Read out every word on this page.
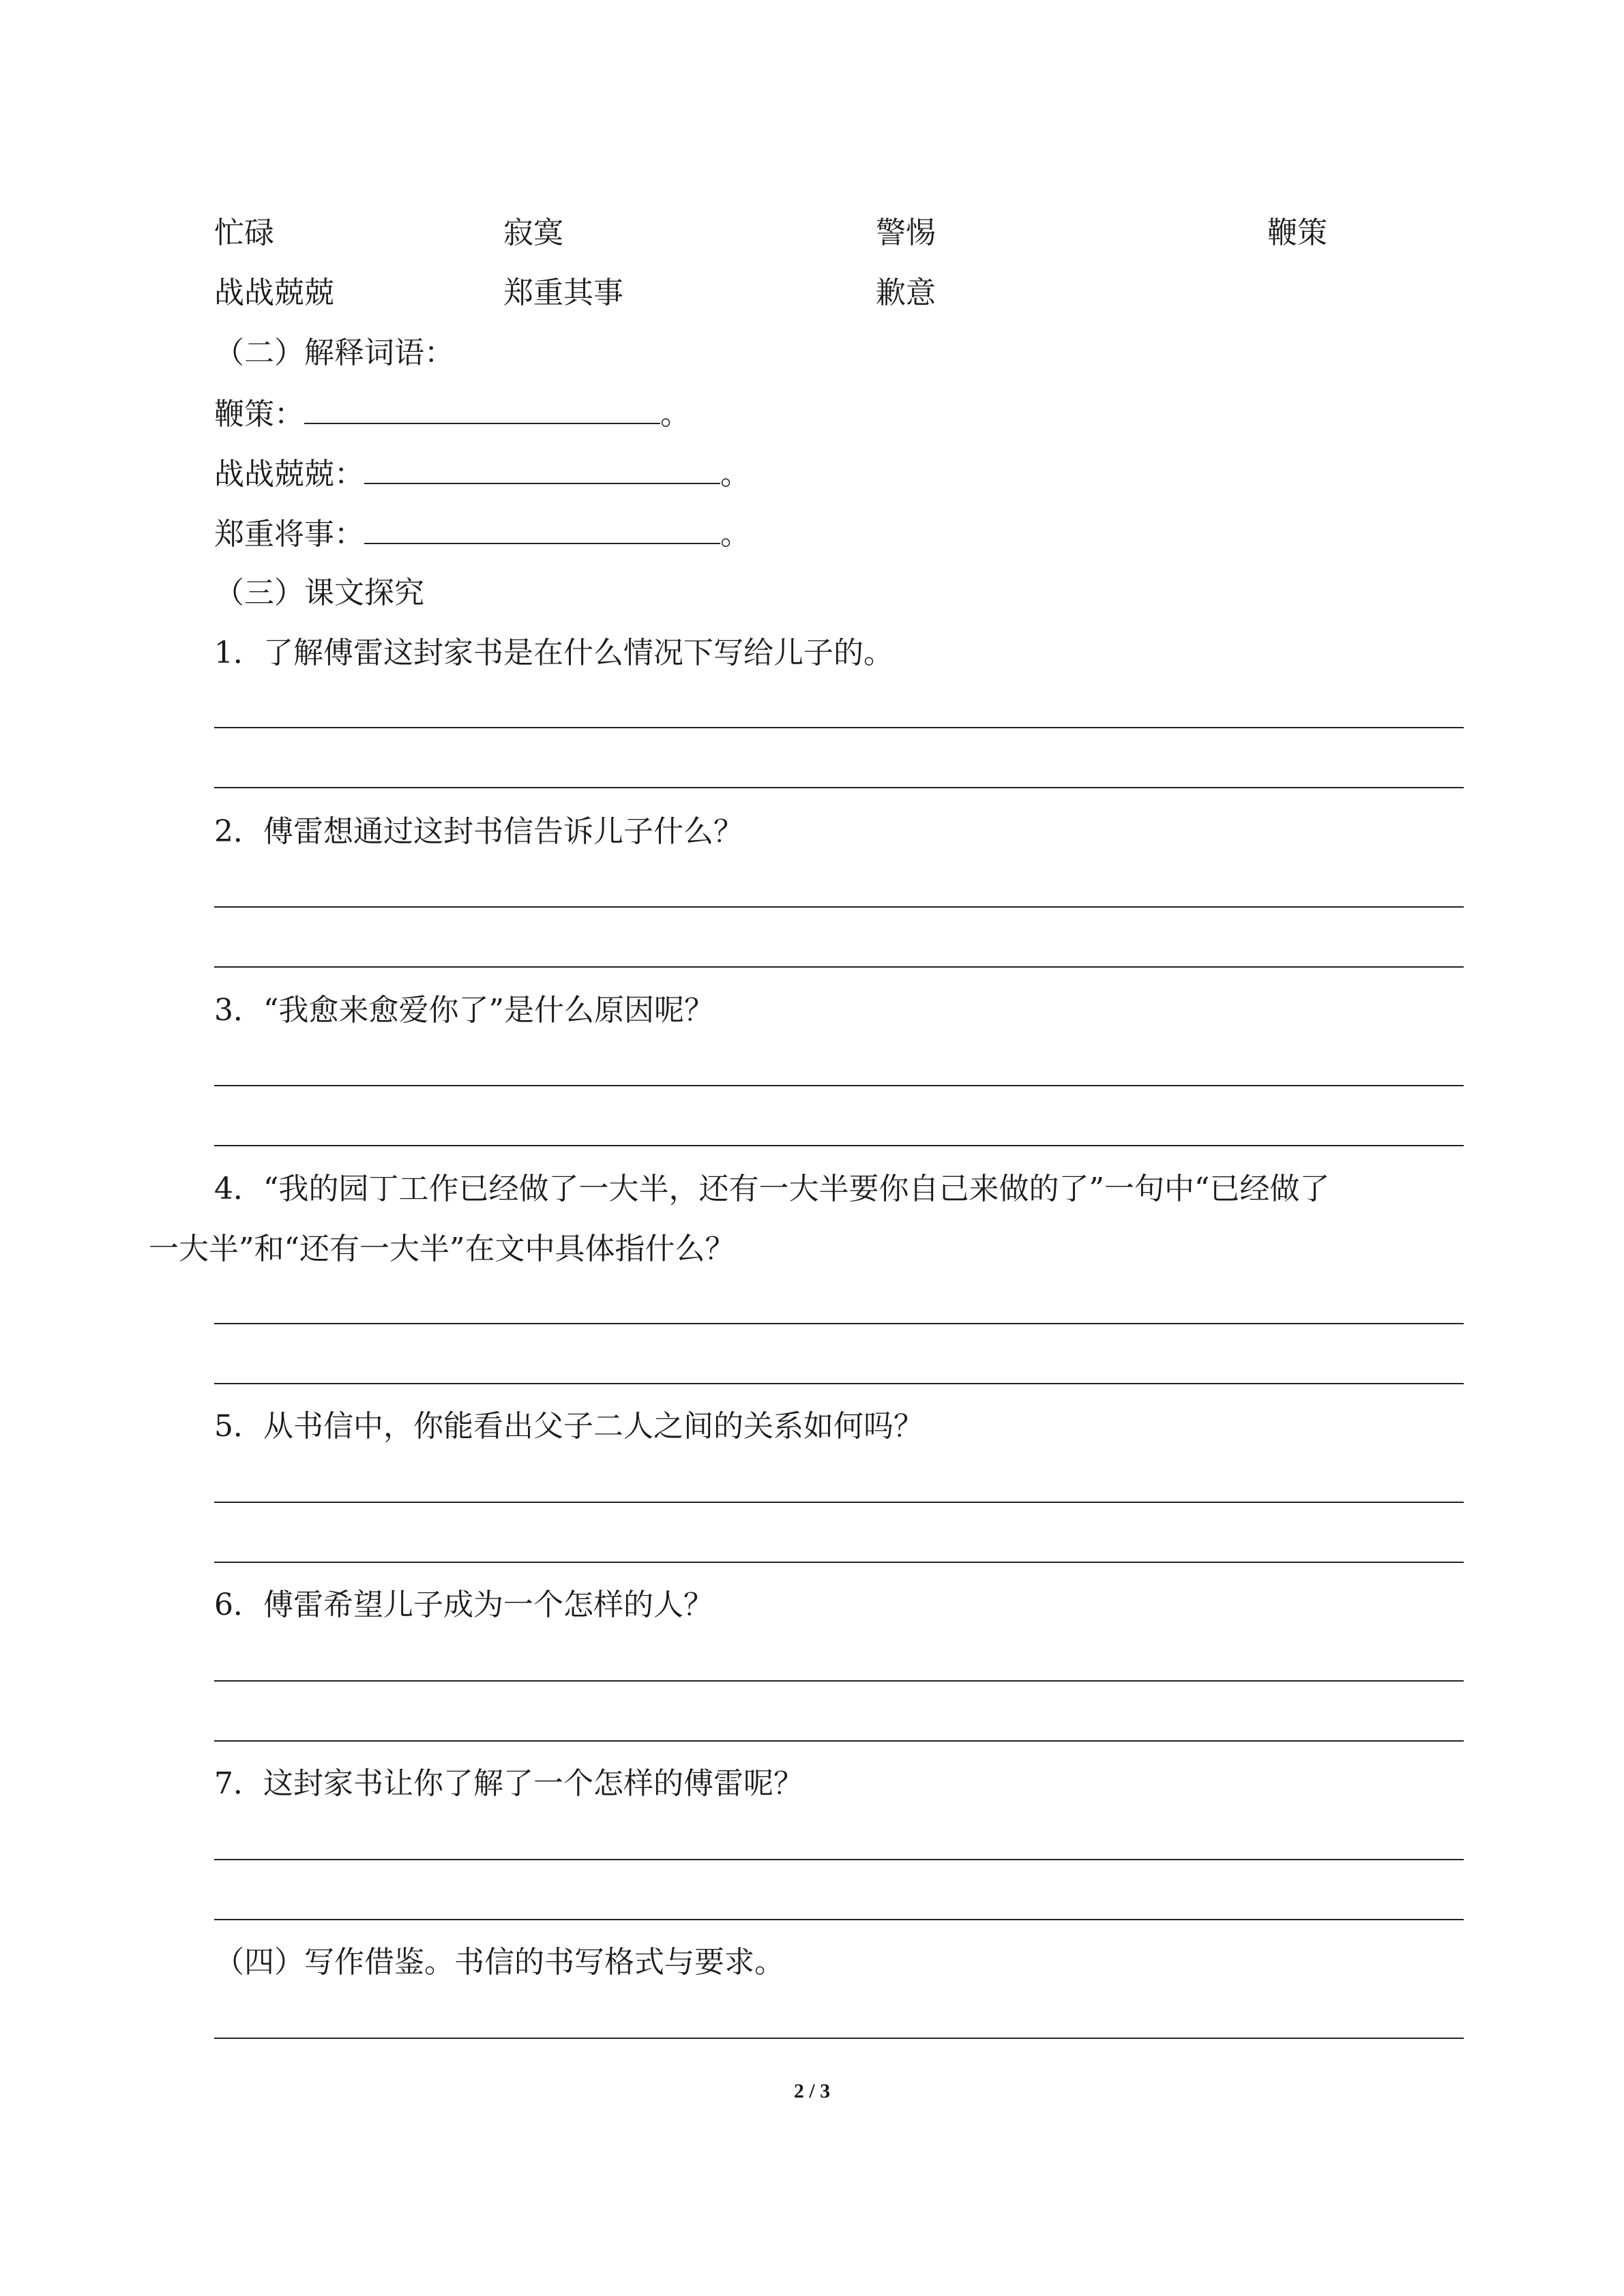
忙碌	寂寞	警惕	鞭策
战战兢兢	郑重其事	歉意
（二）解释词语：
鞭策：	。
战战兢兢：	。
郑重将事：	。
（三）课文探究
1．了解傅雷这封家书是在什么情况下写给儿子的。
2．傅雷想通过这封书信告诉儿子什么？
3．“我愈来愈爱你了”是什么原因呢？
4．“我的园丁工作已经做了一大半，还有一大半要你自己来做的了”一句中“已经做了
一大半”和“还有一大半”在文中具体指什么？
5．从书信中，你能看出父子二人之间的关系如何吗？
6．傅雷希望儿子成为一个怎样的人？
7．这封家书让你了解了一个怎样的傅雷呢？
（四）写作借鉴。书信的书写格式与要求。
2 / 3
